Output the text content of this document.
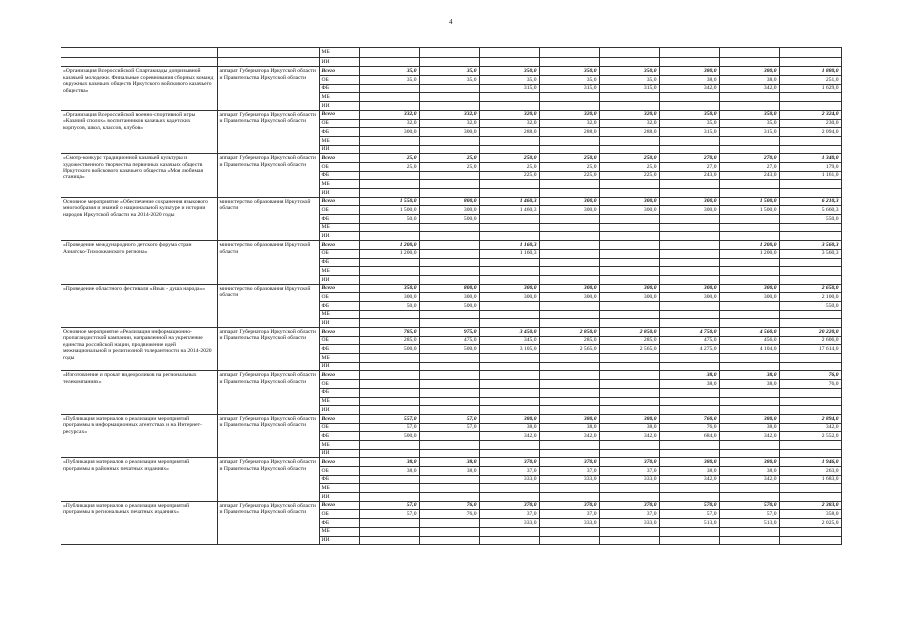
4
		МБ								
		ИИ								
«Организация Всероссийской Спартакиады допризывной казачьей молодежи. Финальные соревнования сборных команд окружных казачьих обществ Иркутского войскового казачьего общества»	аппарат Губернатора Иркутской области и Правительства Иркутской области	Всего	35,0	35,0	350,0	350,0	350,0	380,0	380,0	1 880,0
		ОБ	35,0	35,0	35,0	35,0	35,0	38,0	38,0	251,0
		ФБ			315,0	315,0	315,0	342,0	342,0	1 629,0
		МБ								
		ИИ								
«Организация Всероссийской военно-спортивной игры «Казачий сполох» воспитанников казачьих кадетских корпусов, школ, классов, клубов»	аппарат Губернатора Иркутской области и Правительства Иркутской области	Всего	332,0	332,0	320,0	320,0	320,0	350,0	350,0	2 324,0
		ОБ	32,0	32,0	32,0	32,0	32,0	35,0	35,0	230,0
		ФБ	300,0	300,0	288,0	288,0	288,0	315,0	315,0	2 094,0
		МБ								
		ИИ								
«Смотр-конкурс традиционной казачьей культуры и художественного творчества первичных казачьих обществ Иркутского войскового казачьего общества «Моя любимая станица»	аппарат Губернатора Иркутской области и Правительства Иркутской области	Всего	25,0	25,0	250,0	250,0	250,0	270,0	270,0	1 340,0
		ОБ	25,0	25,0	25,0	25,0	25,0	27,0	27,0	179,0
		ФБ			225,0	225,0	225,0	243,0	243,0	1 161,0
		МБ								
		ИИ								
Основное мероприятие «Обеспечение сохранения языкового многообразия и знаний о национальной культуре и истории народов Иркутской области на 2014-2020 годы	министерство образования Иркутской области	Всего	1 550,0	800,0	1 460,3	300,0	300,0	300,0	1 500,0	6 210,3
		ОБ	1 500,0	300,0	1 460,3	300,0	300,0	300,0	1 500,0	5 660,3
		ФБ	50,0	500,0						550,0
		МБ								
		ИИ								
«Проведение международного детского форума стран Азиатско-Тихоокеанского региона»	министерство образования Иркутской области	Всего	1 200,0		1 160,3				1 200,0	3 560,3
		ОБ	1 200,0		1 160,3				1 200,0	3 560,3
		ФБ								
		МБ								
		ИИ								
«Проведение областного фестиваля «Язык - душа народа»»	министерство образования Иркутской области	Всего	350,0	800,0	300,0	300,0	300,0	300,0	300,0	2 650,0
		ОБ	300,0	300,0	300,0	300,0	300,0	300,0	300,0	2 100,0
		ФБ	50,0	500,0						550,0
		МБ								
		ИИ								
Основное мероприятие «Реализация информационно-пропагандистской кампании, направленной на укрепление единства российской нации, продвижение идей межнациональной и религиозной толерантности на 2014-2020 годы	аппарат Губернатора Иркутской области и Правительства Иркутской области	Всего	785,0	975,0	3 450,0	2 850,0	2 850,0	4 750,0	4 560,0	20 220,0
		ОБ	285,0	475,0	345,0	285,0	285,0	475,0	456,0	2 606,0
		ФБ	500,0	500,0	3 105,0	2 565,0	2 565,0	4 275,0	4 104,0	17 614,0
		МБ								
		ИИ								
«Изготовление и прокат видеороликов на региональных телекомпаниях»	аппарат Губернатора Иркутской области и Правительства Иркутской области	Всего						38,0	38,0	76,0
		ОБ						38,0	38,0	76,0
		ФБ								
		МБ								
		ИИ								
«Публикация материалов о реализации мероприятий программы в информационных агентствах и на Интернет-ресурсах»	аппарат Губернатора Иркутской области и Правительства Иркутской области	Всего	557,0	57,0	380,0	380,0	380,0	760,0	380,0	2 894,0
		ОБ	57,0	57,0	38,0	38,0	38,0	76,0	38,0	342,0
		ФБ	500,0		342,0	342,0	342,0	684,0	342,0	2 552,0
		МБ								
		ИИ								
«Публикация материалов о реализации мероприятий программы в районных печатных изданиях»	аппарат Губернатора Иркутской области и Правительства Иркутской области	Всего	38,0	38,0	370,0	370,0	370,0	380,0	380,0	1 946,0
		ОБ	38,0	38,0	37,0	37,0	37,0	38,0	38,0	263,0
		ФБ			333,0	333,0	333,0	342,0	342,0	1 683,0
		МБ								
		ИИ								
«Публикация материалов о реализации мероприятий программы в региональных печатных изданиях»	аппарат Губернатора Иркутской области и Правительства Иркутской области	Всего	57,0	76,0	370,0	370,0	370,0	570,0	570,0	2 383,0
		ОБ	57,0	76,0	37,0	37,0	37,0	57,0	57,0	358,0
		ФБ			333,0	333,0	333,0	513,0	513,0	2 025,0
		МБ								
		ИИ								
